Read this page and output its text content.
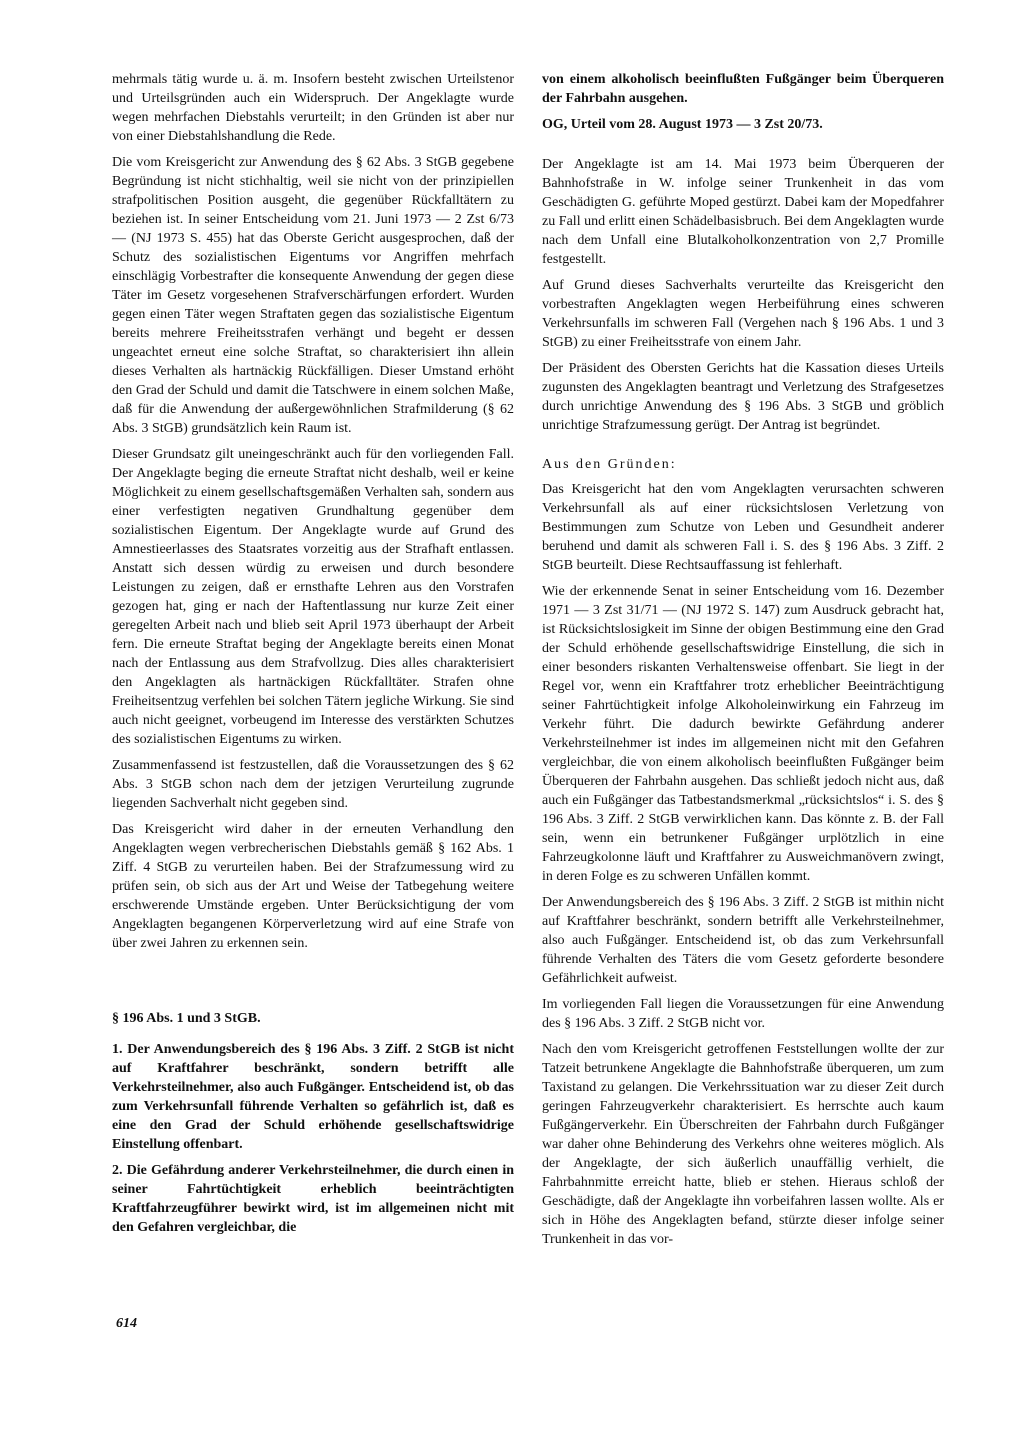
mehrmals tätig wurde u. ä. m. Insofern besteht zwischen Urteilstenor und Urteilsgründen auch ein Widerspruch. Der Angeklagte wurde wegen mehrfachen Diebstahls verurteilt; in den Gründen ist aber nur von einer Diebstahlshandlung die Rede.

Die vom Kreisgericht zur Anwendung des § 62 Abs. 3 StGB gegebene Begründung ist nicht stichhaltig, weil sie nicht von der prinzipiellen strafpolitischen Position ausgeht, die gegenüber Rückfalltätern zu beziehen ist. In seiner Entscheidung vom 21. Juni 1973 — 2 Zst 6/73 — (NJ 1973 S. 455) hat das Oberste Gericht ausgesprochen, daß der Schutz des sozialistischen Eigentums vor Angriffen mehrfach einschlägig Vorbestrafter die konsequente Anwendung der gegen diese Täter im Gesetz vorgesehenen Strafverschärfungen erfordert. Wurden gegen einen Täter wegen Straftaten gegen das sozialistische Eigentum bereits mehrere Freiheitsstrafen verhängt und begeht er dessen ungeachtet erneut eine solche Straftat, so charakterisiert ihn allein dieses Verhalten als hartnäckig Rückfälligen. Dieser Umstand erhöht den Grad der Schuld und damit die Tatschwere in einem solchen Maße, daß für die Anwendung der außergewöhnlichen Strafmilderung (§ 62 Abs. 3 StGB) grundsätzlich kein Raum ist.

Dieser Grundsatz gilt uneingeschränkt auch für den vorliegenden Fall. Der Angeklagte beging die erneute Straftat nicht deshalb, weil er keine Möglichkeit zu einem gesellschaftsgemäßen Verhalten sah, sondern aus einer verfestigten negativen Grundhaltung gegenüber dem sozialistischen Eigentum. Der Angeklagte wurde auf Grund des Amnestieerlasses des Staatsrates vorzeitig aus der Strafhaft entlassen. Anstatt sich dessen würdig zu erweisen und durch besondere Leistungen zu zeigen, daß er ernsthafte Lehren aus den Vorstrafen gezogen hat, ging er nach der Haftentlassung nur kurze Zeit einer geregelten Arbeit nach und blieb seit April 1973 überhaupt der Arbeit fern. Die erneute Straftat beging der Angeklagte bereits einen Monat nach der Entlassung aus dem Strafvollzug. Dies alles charakterisiert den Angeklagten als hartnäckigen Rückfalltäter. Strafen ohne Freiheitsentzug verfehlen bei solchen Tätern jegliche Wirkung. Sie sind auch nicht geeignet, vorbeugend im Interesse des verstärkten Schutzes des sozialistischen Eigentums zu wirken.

Zusammenfassend ist festzustellen, daß die Voraussetzungen des § 62 Abs. 3 StGB schon nach dem der jetzigen Verurteilung zugrunde liegenden Sachverhalt nicht gegeben sind.

Das Kreisgericht wird daher in der erneuten Verhandlung den Angeklagten wegen verbrecherischen Diebstahls gemäß § 162 Abs. 1 Ziff. 4 StGB zu verurteilen haben. Bei der Strafzumessung wird zu prüfen sein, ob sich aus der Art und Weise der Tatbegehung weitere erschwerende Umstände ergeben. Unter Berücksichtigung der vom Angeklagten begangenen Körperverletzung wird auf eine Strafe von über zwei Jahren zu erkennen sein.

§ 196 Abs. 1 und 3 StGB.

1. Der Anwendungsbereich des § 196 Abs. 3 Ziff. 2 StGB ist nicht auf Kraftfahrer beschränkt, sondern betrifft alle Verkehrsteilnehmer, also auch Fußgänger. Entscheidend ist, ob das zum Verkehrsunfall führende Verhalten so gefährlich ist, daß es eine den Grad der Schuld erhöhende gesellschaftswidrige Einstellung offenbart.

2. Die Gefährdung anderer Verkehrsteilnehmer, die durch einen in seiner Fahrtüchtigkeit erheblich beeinträchtigten Kraftfahrzeugführer bewirkt wird, ist im allgemeinen nicht mit den Gefahren vergleichbar, die

von einem alkoholisch beeinflußten Fußgänger beim Überqueren der Fahrbahn ausgehen.

OG, Urteil vom 28. August 1973 — 3 Zst 20/73.

Der Angeklagte ist am 14. Mai 1973 beim Überqueren der Bahnhofstraße in W. infolge seiner Trunkenheit in das vom Geschädigten G. geführte Moped gestürzt. Dabei kam der Mopedfahrer zu Fall und erlitt einen Schädelbasisbruch. Bei dem Angeklagten wurde nach dem Unfall eine Blutalkoholkonzentration von 2,7 Promille festgestellt.

Auf Grund dieses Sachverhalts verurteilte das Kreisgericht den vorbestraften Angeklagten wegen Herbeiführung eines schweren Verkehrsunfalls im schweren Fall (Vergehen nach § 196 Abs. 1 und 3 StGB) zu einer Freiheitsstrafe von einem Jahr.

Der Präsident des Obersten Gerichts hat die Kassation dieses Urteils zugunsten des Angeklagten beantragt und Verletzung des Strafgesetzes durch unrichtige Anwendung des § 196 Abs. 3 StGB und gröblich unrichtige Strafzumessung gerügt. Der Antrag ist begründet.

Aus den Gründen:

Das Kreisgericht hat den vom Angeklagten verursachten schweren Verkehrsunfall als auf einer rücksichtslosen Verletzung von Bestimmungen zum Schutze von Leben und Gesundheit anderer beruhend und damit als schweren Fall i. S. des § 196 Abs. 3 Ziff. 2 StGB beurteilt. Diese Rechtsauffassung ist fehlerhaft.

Wie der erkennende Senat in seiner Entscheidung vom 16. Dezember 1971 — 3 Zst 31/71 — (NJ 1972 S. 147) zum Ausdruck gebracht hat, ist Rücksichtslosigkeit im Sinne der obigen Bestimmung eine den Grad der Schuld erhöhende gesellschaftswidrige Einstellung, die sich in einer besonders riskanten Verhaltensweise offenbart. Sie liegt in der Regel vor, wenn ein Kraftfahrer trotz erheblicher Beeinträchtigung seiner Fahrtüchtigkeit infolge Alkoholeinwirkung ein Fahrzeug im Verkehr führt. Die dadurch bewirkte Gefährdung anderer Verkehrsteilnehmer ist indes im allgemeinen nicht mit den Gefahren vergleichbar, die von einem alkoholisch beeinflußten Fußgänger beim Überqueren der Fahrbahn ausgehen. Das schließt jedoch nicht aus, daß auch ein Fußgänger das Tatbestandsmerkmal „rücksichtslos“ i. S. des § 196 Abs. 3 Ziff. 2 StGB verwirklichen kann. Das könnte z. B. der Fall sein, wenn ein betrunkener Fußgänger urplötzlich in eine Fahrzeugkolonne läuft und Kraftfahrer zu Ausweichmanövern zwingt, in deren Folge es zu schweren Unfällen kommt.

Der Anwendungsbereich des § 196 Abs. 3 Ziff. 2 StGB ist mithin nicht auf Kraftfahrer beschränkt, sondern betrifft alle Verkehrsteilnehmer, also auch Fußgänger. Entscheidend ist, ob das zum Verkehrsunfall führende Verhalten des Täters die vom Gesetz geforderte besondere Gefährlichkeit aufweist.

Im vorliegenden Fall liegen die Voraussetzungen für eine Anwendung des § 196 Abs. 3 Ziff. 2 StGB nicht vor.

Nach den vom Kreisgericht getroffenen Feststellungen wollte der zur Tatzeit betrunkene Angeklagte die Bahnhofstraße überqueren, um zum Taxistand zu gelangen. Die Verkehrssituation war zu dieser Zeit durch geringen Fahrzeugverkehr charakterisiert. Es herrschte auch kaum Fußgängerverkehr. Ein Überschreiten der Fahrbahn durch Fußgänger war daher ohne Behinderung des Verkehrs ohne weiteres möglich. Als der Angeklagte, der sich äußerlich unauffällig verhielt, die Fahrbahnmitte erreicht hatte, blieb er stehen. Hieraus schloß der Geschädigte, daß der Angeklagte ihn vorbeifahren lassen wollte. Als er sich in Höhe des Angeklagten befand, stürzte dieser infolge seiner Trunkenheit in das vor-

614
